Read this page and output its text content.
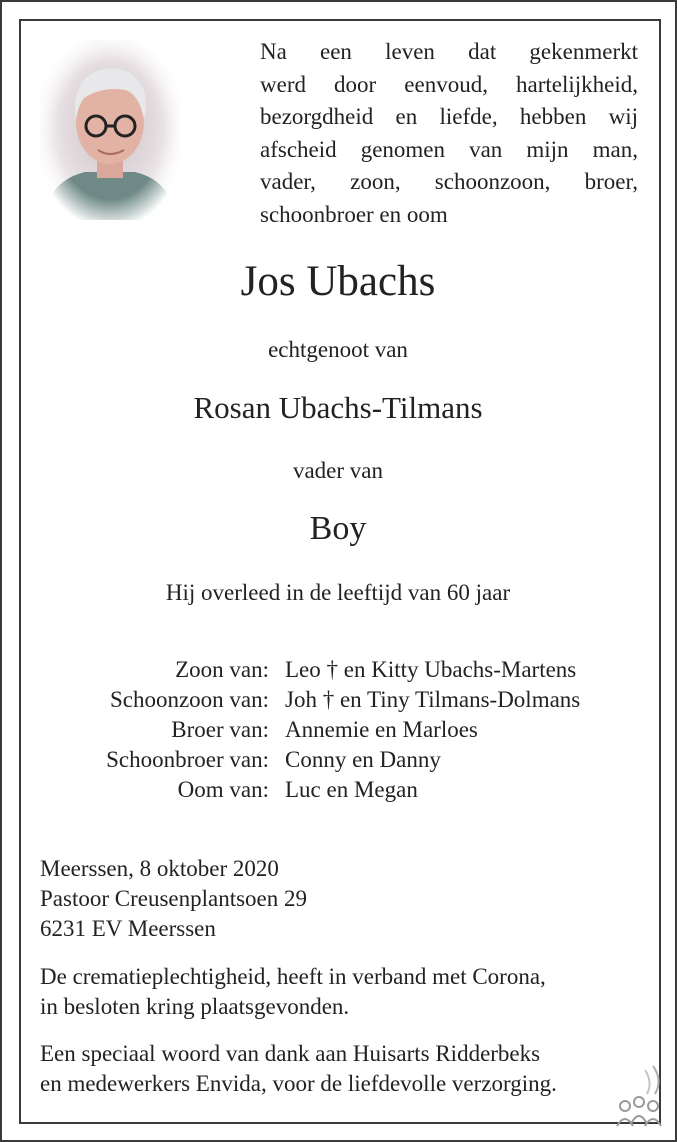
Na een leven dat gekenmerkt
werd door eenvoud, hartelijkheid,
bezorgdheid en liefde, hebben wij
afscheid genomen van mijn man,
vader, zoon, schoonzoon, broer,
schoonbroer en oom

Jos Ubachs
echtgenoot van
Rosan Ubachs-Tilmans
vader van
Boy
Hij overleed in de leeftijd van 60 jaar
Zoon van: Leo † en Kitty Ubachs-Martens
Schoonzoon van: Joh † en Tiny Tilmans-Dolmans
Broer van: Annemie en Marloes
Schoonbroer van: Conny en Danny
Oom van: Luc en Megan

Meerssen, 8 oktober 2020
Pastoor Creusenplantsoen 29
6231 EV Meerssen

De crematieplechtigheid, heeft in verband met Corona,
in besloten kring plaatsgevonden.

Een speciaal woord van dank aan Huisarts Ridderbeks
en medewerkers Envida, voor de liefdevolle verzorging.
